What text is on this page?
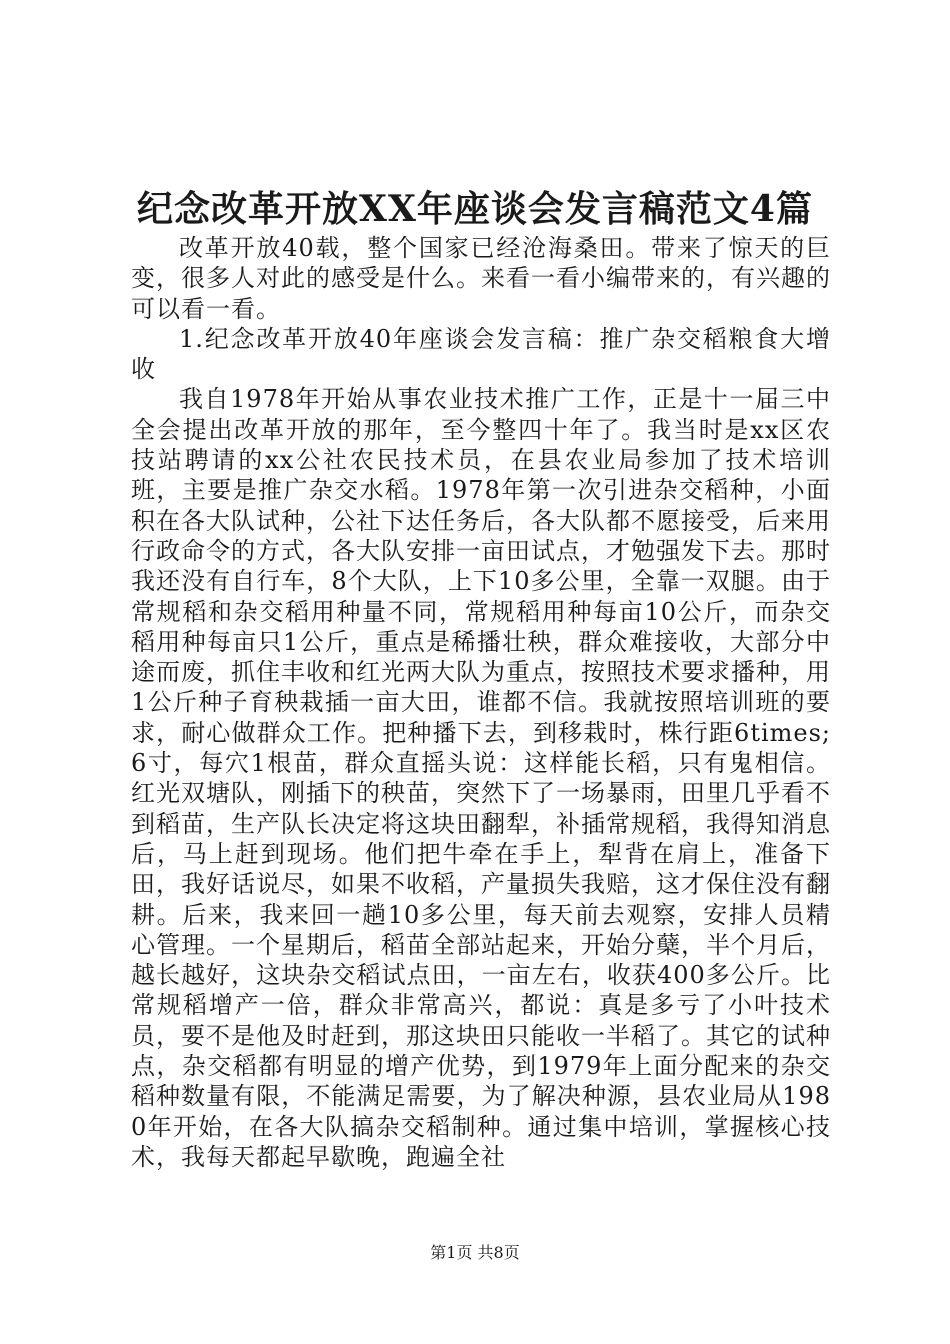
纪念改革开放XX年座谈会发言稿范文4篇

改革开放40载，整个国家已经沧海桑田。带来了惊天的巨变，很多人对此的感受是什么。来看一看小编带来的，有兴趣的可以看一看。

1.纪念改革开放40年座谈会发言稿：推广杂交稻粮食大增收

我自1978年开始从事农业技术推广工作，正是十一届三中全会提出改革开放的那年，至今整四十年了。我当时是xx区农技站聘请的xx公社农民技术员，在县农业局参加了技术培训班，主要是推广杂交水稻。1978年第一次引进杂交稻种，小面积在各大队试种，公社下达任务后，各大队都不愿接受，后来用行政命令的方式，各大队安排一亩田试点，才勉强发下去。那时我还没有自行车，8个大队，上下10多公里，全靠一双腿。由于常规稻和杂交稻用种量不同，常规稻用种每亩10公斤，而杂交稻用种每亩只1公斤，重点是稀播壮秧，群众难接收，大部分中途而废，抓住丰收和红光两大队为重点，按照技术要求播种，用1公斤种子育秧栽插一亩大田，谁都不信。我就按照培训班的要求，耐心做群众工作。把种播下去，到移栽时，株行距6times;6寸，每穴1根苗，群众直摇头说：这样能长稻，只有鬼相信。红光双塘队，刚插下的秧苗，突然下了一场暴雨，田里几乎看不到稻苗，生产队长决定将这块田翻犁，补插常规稻，我得知消息后，马上赶到现场。他们把牛牵在手上，犁背在肩上，准备下田，我好话说尽，如果不收稻，产量损失我赔，这才保住没有翻耕。后来，我来回一趟10多公里，每天前去观察，安排人员精心管理。一个星期后，稻苗全部站起来，开始分蘖，半个月后，越长越好，这块杂交稻试点田，一亩左右，收获400多公斤。比常规稻增产一倍，群众非常高兴，都说：真是多亏了小叶技术员，要不是他及时赶到，那这块田只能收一半稻了。其它的试种点，杂交稻都有明显的增产优势，到1979年上面分配来的杂交稻种数量有限，不能满足需要，为了解决种源，县农业局从1980年开始，在各大队搞杂交稻制种。通过集中培训，掌握核心技术，我每天都起早歇晚，跑遍全社

第1页 共8页
